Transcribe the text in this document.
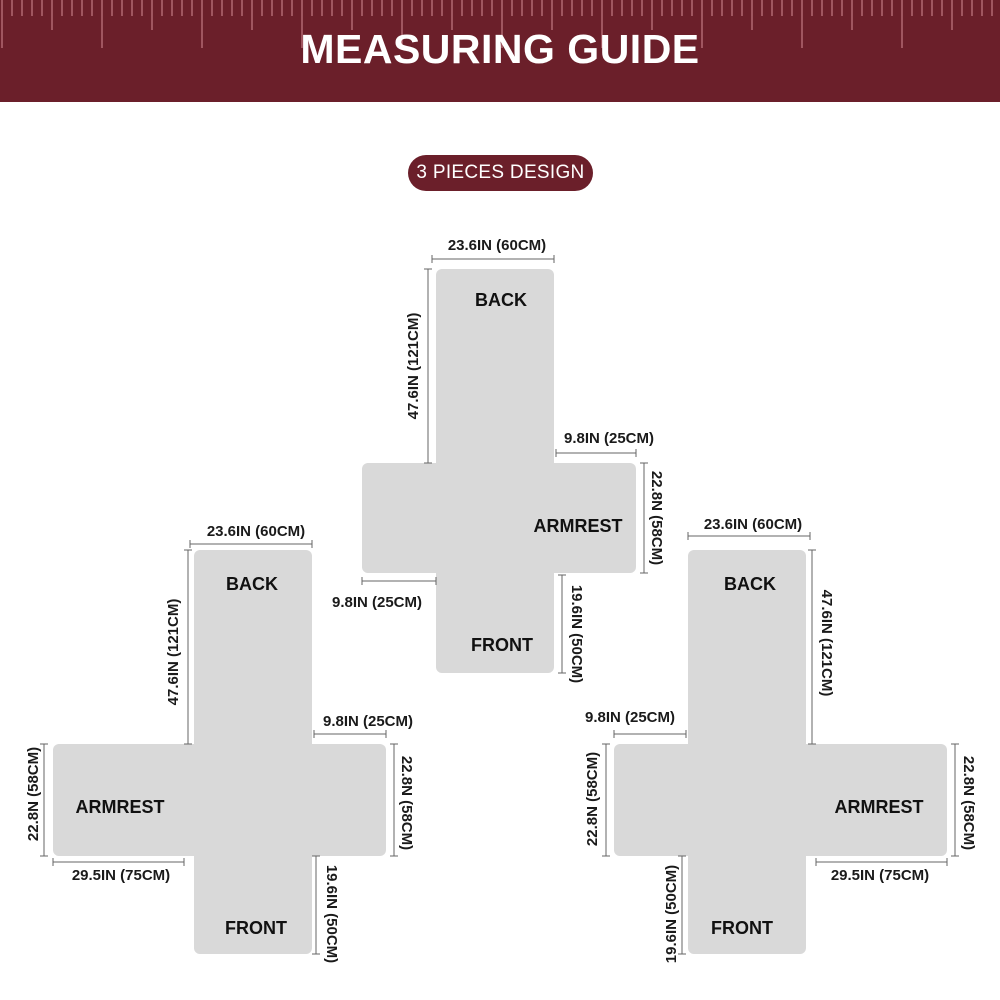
MEASURING GUIDE
3 PIECES DESIGN
BACK
ARMREST
FRONT
23.6IN (60CM)
47.6IN (121CM)
9.8IN (25CM)
22.8N (58CM)
9.8IN (25CM)	19.6IN (50CM)
BACK
ARMREST
FRONT
23.6IN (60CM)
47.6IN (121CM)
9.8IN (25CM)
22.8N (58CM)	22.8N (58CM)
29.5IN (75CM)	19.6IN (50CM)
BACK
ARMREST
FRONT
23.6IN (60CM)
47.6IN (121CM)
9.8IN (25CM)
22.8N (58CM)	22.8N (58CM)
29.5IN (75CM)
19.6IN (50CM)
